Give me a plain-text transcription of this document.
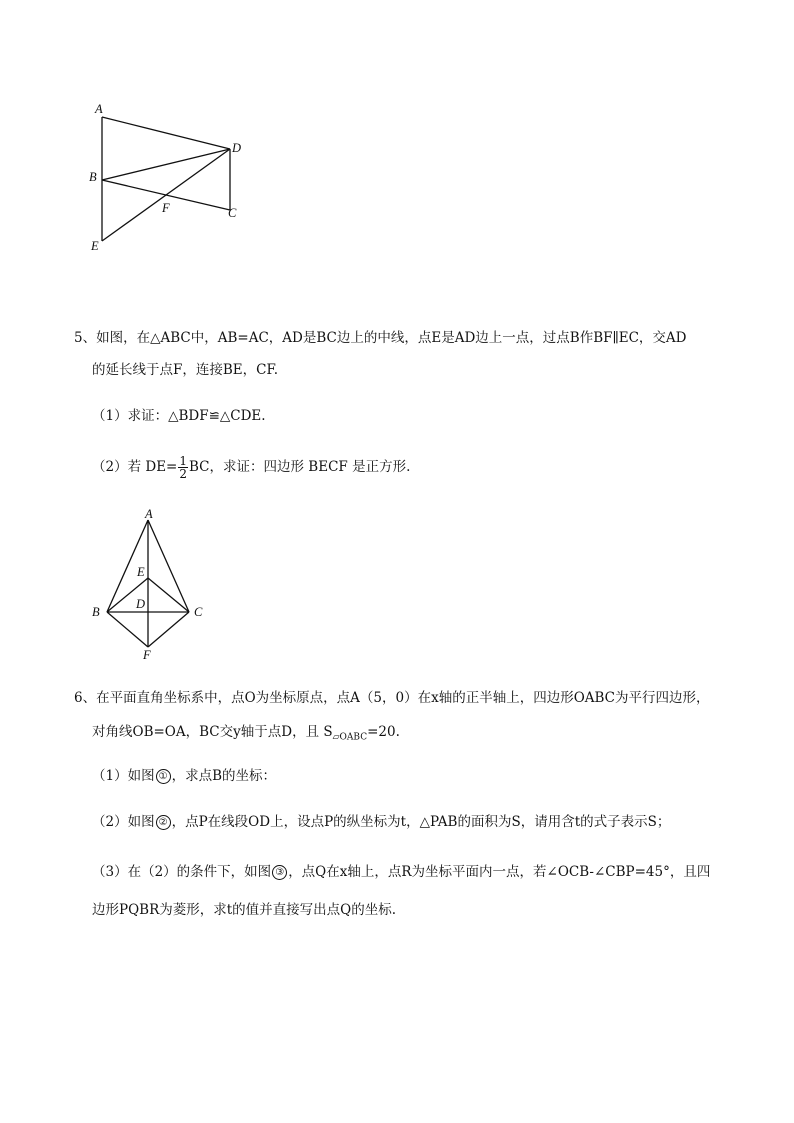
A
B
D
C
E
F
5、如图，在△ABC中，AB=AC，AD是BC边上的中线，点E是AD边上一点，过点B作BF∥EC，交AD
的延长线于点F，连接BE，CF.
（1）求证：△BDF≌△CDE.
（2）若 $DE= \frac{1}{2}$ BC，求证：四边形 BECF 是正方形.
A
E
D
B	C
F
6、在平面直角坐标系中，点O为坐标原点，点A（5，0）在x轴的正半轴上，四边形OABC为平行四边形，
对角线OB=OA，BC交y轴于点D，且 $S_{▱OABC}=20$.
（1）如图 ① ，求点B的坐标：
（2）如图 ② ，点P在线段OD上，设点P的纵坐标为t，△PAB的面积为S，请用含t的式子表示S；
（3）在（2）的条件下，如图 ③ ，点Q在x轴上，点R为坐标平面内一点，若∠OCB-∠CBP=45°，且四
边形PQBR为菱形，求t的值并直接写出点Q的坐标.
